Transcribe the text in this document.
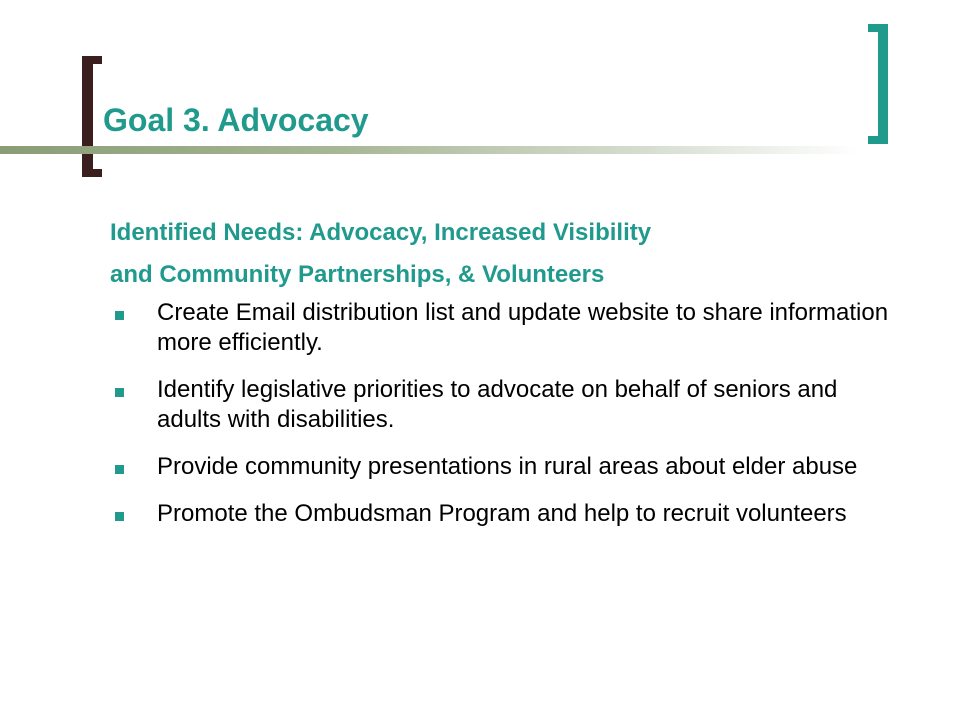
Goal 3. Advocacy
Identified Needs: Advocacy, Increased Visibility
and Community Partnerships, & Volunteers
Create Email distribution list and update website to share information more efficiently.
Identify legislative priorities to advocate on behalf of seniors and adults with disabilities.
Provide community presentations in rural areas about elder abuse
Promote the Ombudsman Program and help to recruit volunteers
